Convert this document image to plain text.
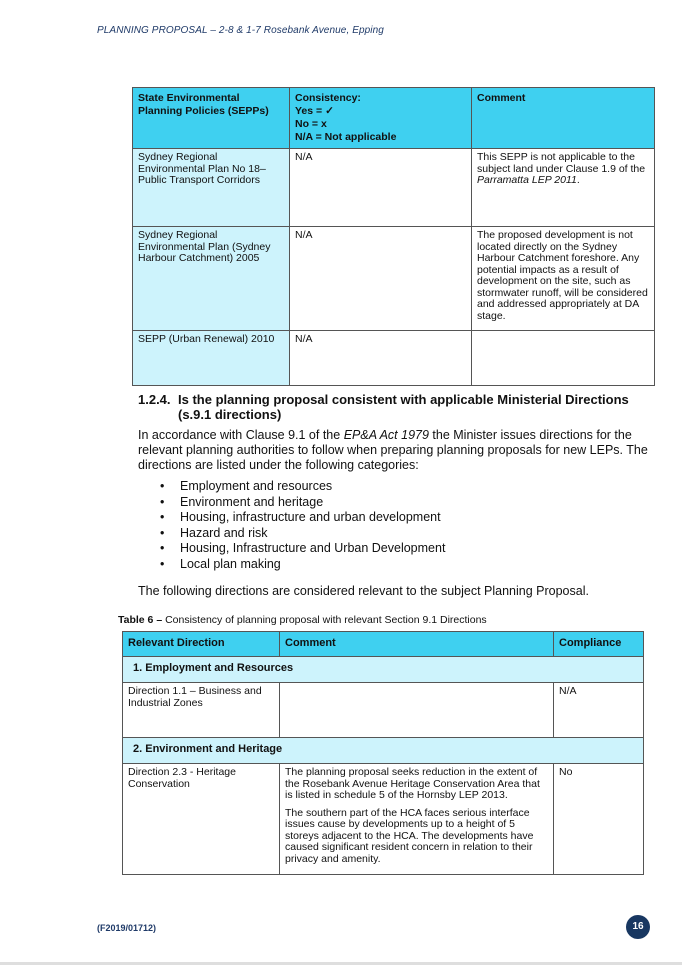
PLANNING PROPOSAL – 2-8 & 1-7 Rosebank Avenue, Epping
State Environmental Planning Policies (SEPPs)	Consistency:
Yes = ✓
No = x
N/A = Not applicable	Comment
Sydney Regional Environmental Plan No 18– Public Transport Corridors	N/A	This SEPP is not applicable to the subject land under Clause 1.9 of the Parramatta LEP 2011.
Sydney Regional Environmental Plan (Sydney Harbour Catchment) 2005	N/A	The proposed development is not located directly on the Sydney Harbour Catchment foreshore. Any potential impacts as a result of development on the site, such as stormwater runoff, will be considered and addressed appropriately at DA stage.
SEPP (Urban Renewal) 2010	N/A	
1.2.4. Is the planning proposal consistent with applicable Ministerial Directions
(s.9.1 directions)
In accordance with Clause 9.1 of the EP&A Act 1979 the Minister issues directions for the relevant planning authorities to follow when preparing planning proposals for new LEPs. The directions are listed under the following categories:
• Employment and resources
• Environment and heritage
• Housing, infrastructure and urban development
• Hazard and risk
• Housing, Infrastructure and Urban Development
• Local plan making
The following directions are considered relevant to the subject Planning Proposal.
Table 6 – Consistency of planning proposal with relevant Section 9.1 Directions
Relevant Direction	Comment	Compliance
1. Employment and Resources		
Direction 1.1 – Business and Industrial Zones		N/A
2. Environment and Heritage		
Direction 2.3 - Heritage Conservation	The planning proposal seeks reduction in the extent of the Rosebank Avenue Heritage Conservation Area that is listed in schedule 5 of the Hornsby LEP 2013.

The southern part of the HCA faces serious interface issues cause by developments up to a height of 5 storeys adjacent to the HCA. The developments have caused significant resident concern in relation to their privacy and amenity.	No
(F2019/01712)	16
